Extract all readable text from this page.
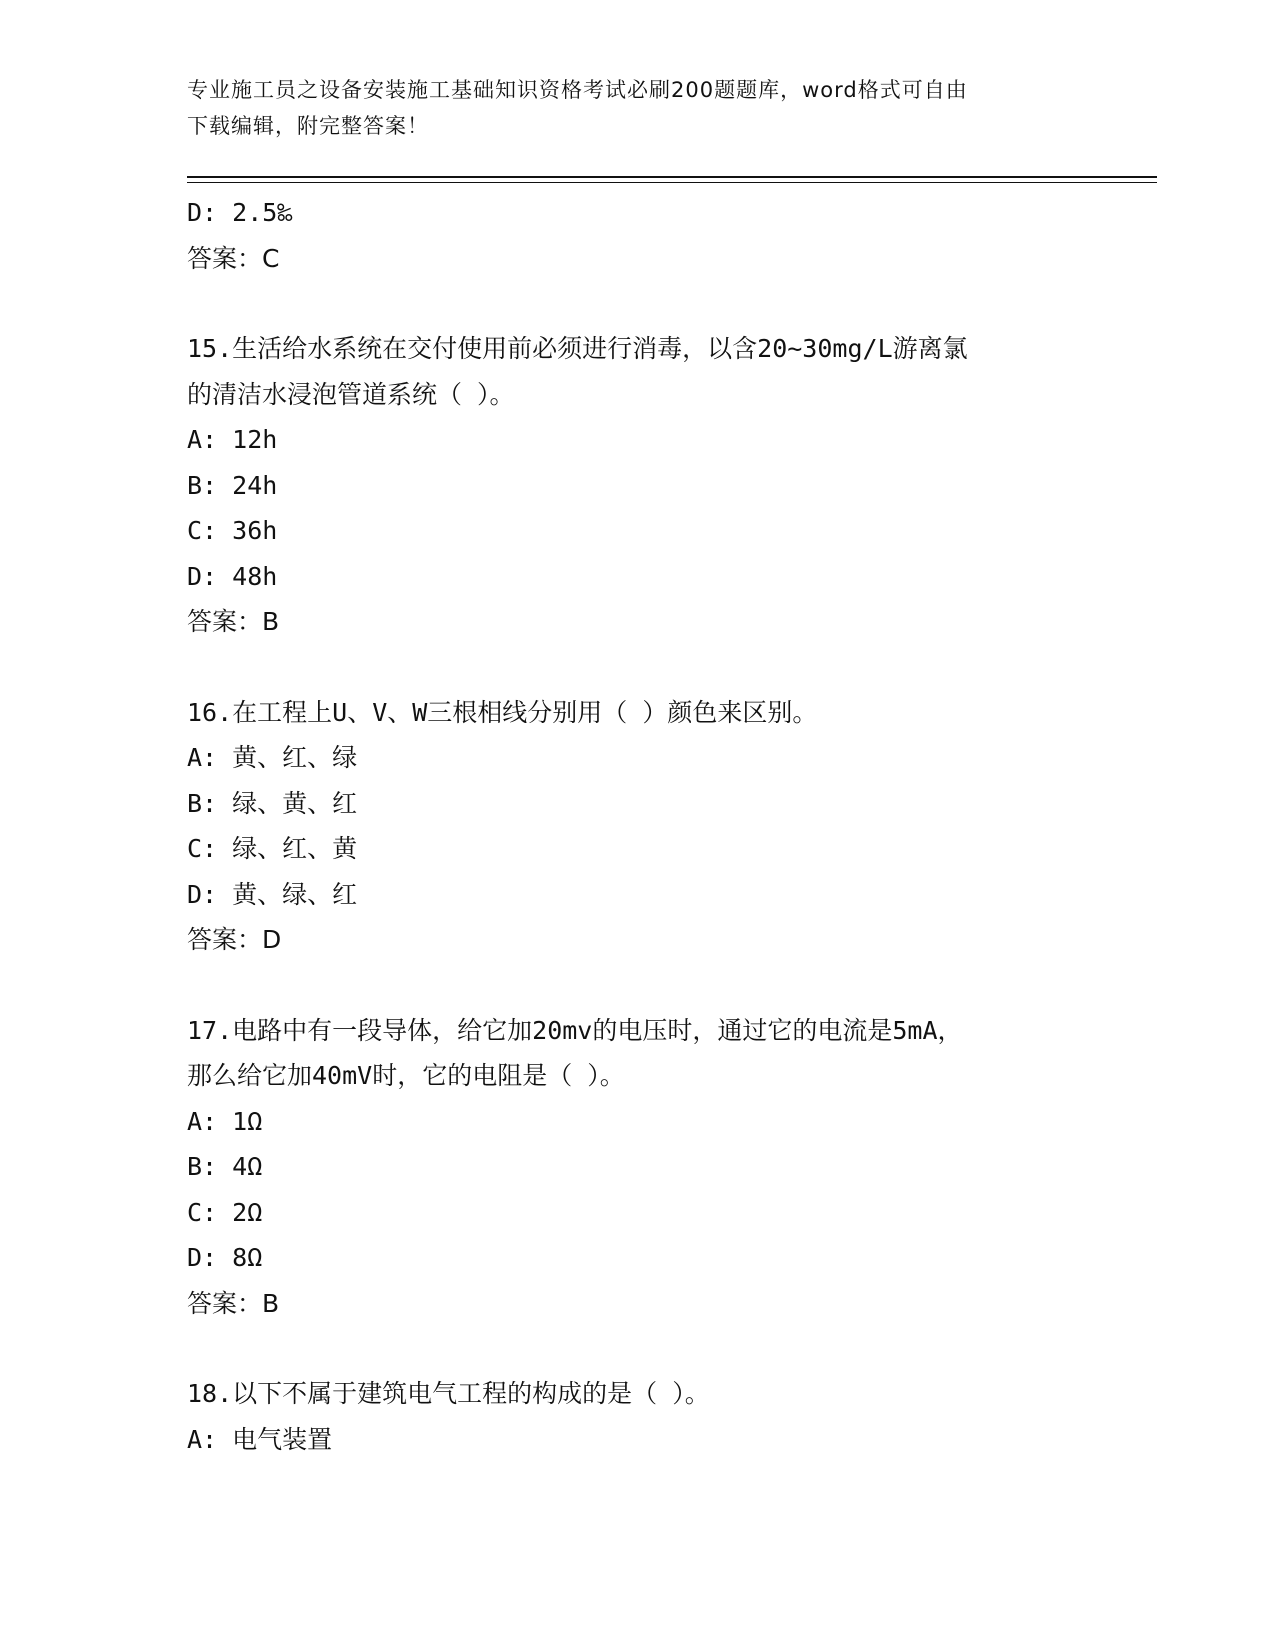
专业施工员之设备安装施工基础知识资格考试必刷200题题库，word格式可自由
下载编辑，附完整答案！
D: 2.5‰
答案：C
15.生活给水系统在交付使用前必须进行消毒，以含20~30mg/L游离氯
的清洁水浸泡管道系统（ ）。
A: 12h
B: 24h
C: 36h
D: 48h
答案：B
16.在工程上U、V、W三根相线分别用（ ）颜色来区别。
A: 黄、红、绿
B: 绿、黄、红
C: 绿、红、黄
D: 黄、绿、红
答案：D
17.电路中有一段导体，给它加20mv的电压时，通过它的电流是5mA，
那么给它加40mV时，它的电阻是（ ）。
A: 1Ω
B: 4Ω
C: 2Ω
D: 8Ω
答案：B
18.以下不属于建筑电气工程的构成的是（ ）。
A: 电气装置
